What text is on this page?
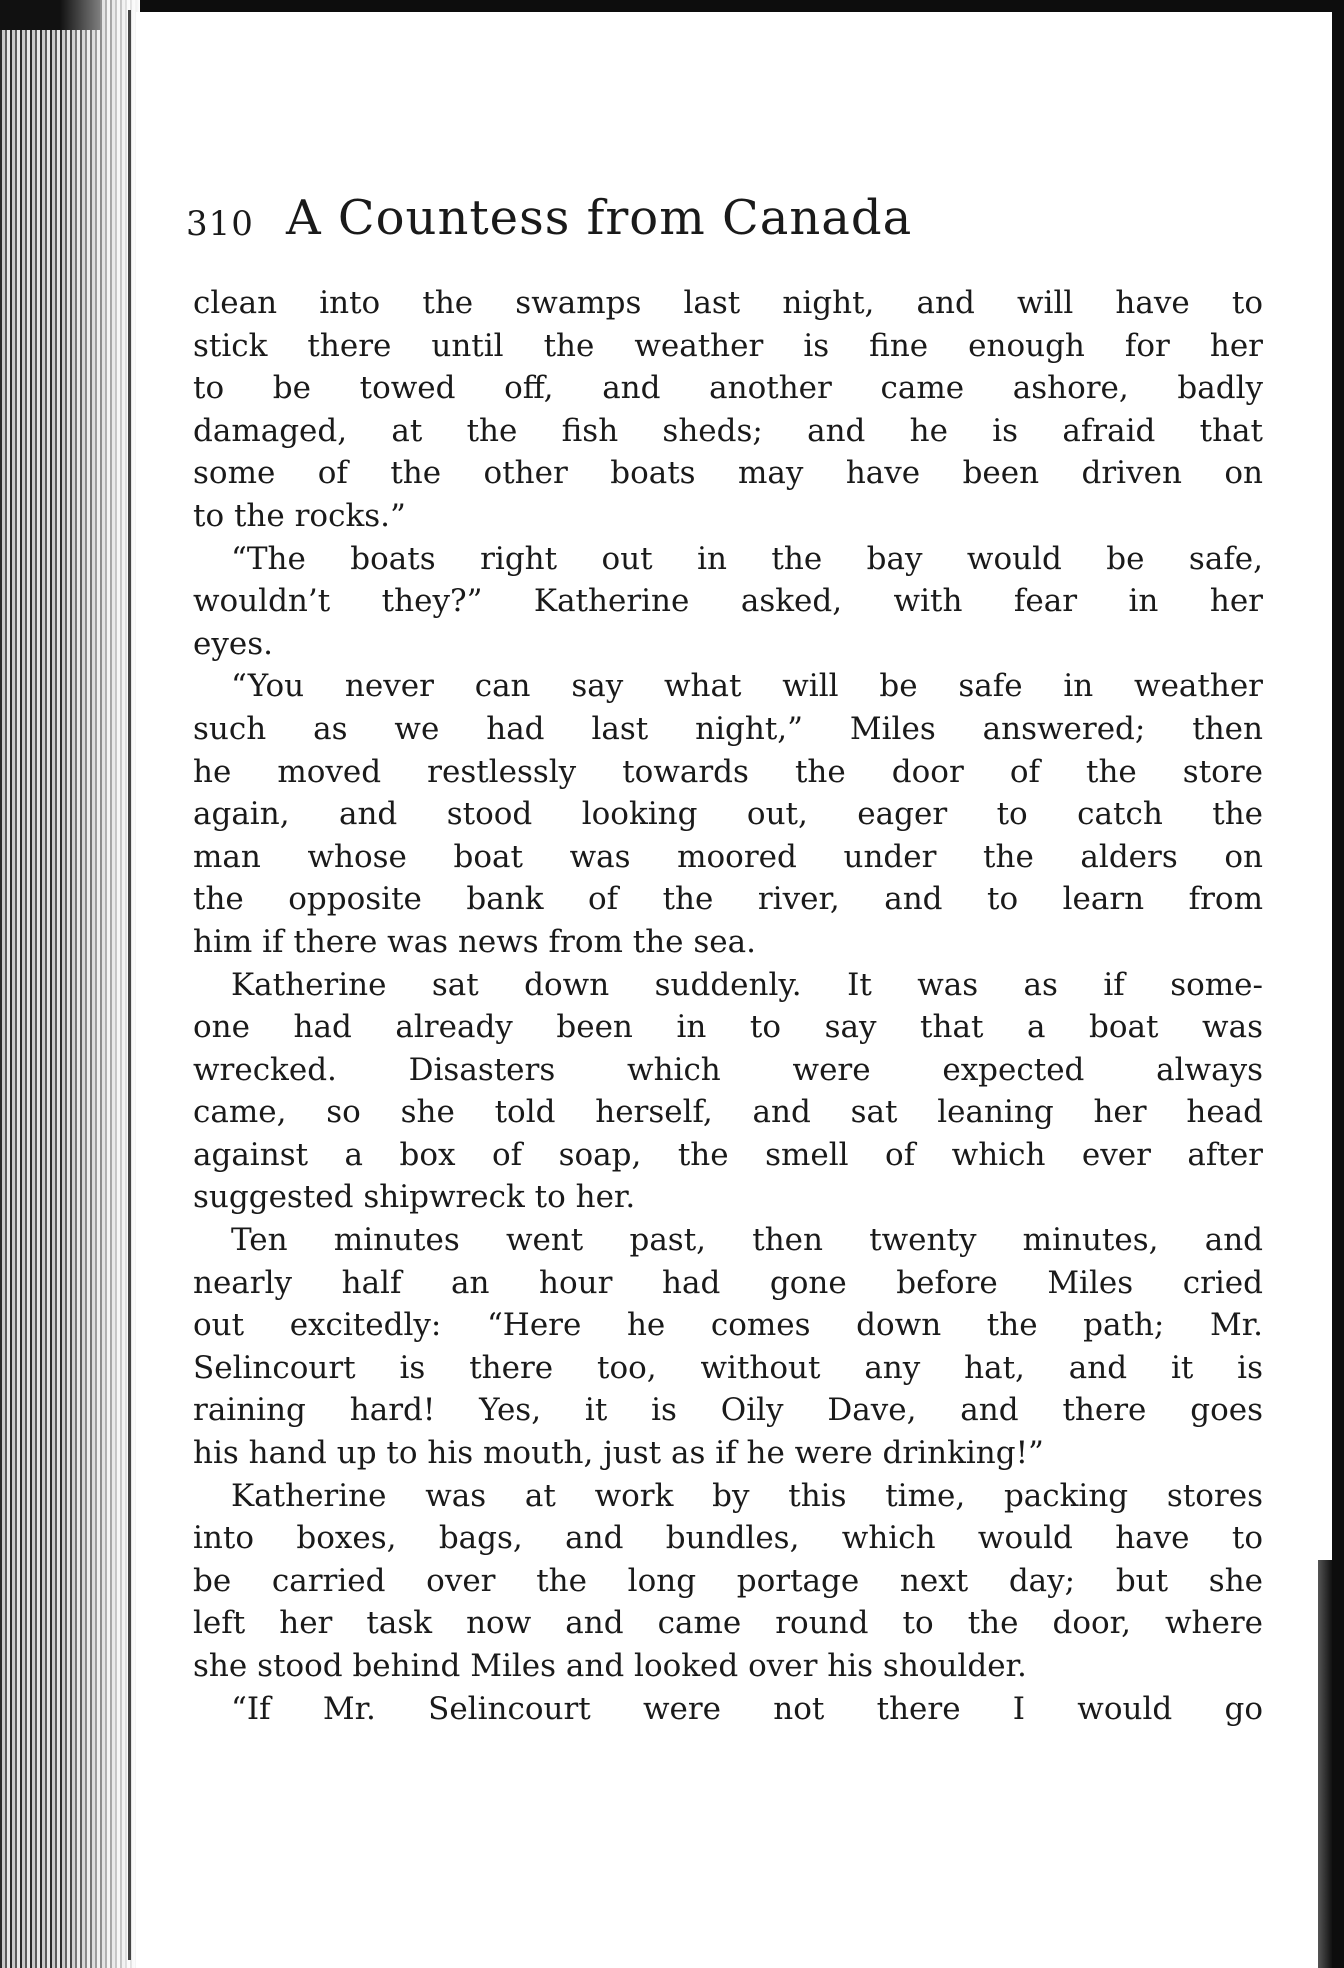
310 A Countess from Canada
clean into the swamps last night, and will have to
stick there until the weather is fine enough for her
to be towed off, and another came ashore, badly
damaged, at the fish sheds; and he is afraid that
some of the other boats may have been driven on
to the rocks.”
“The boats right out in the bay would be safe,
wouldn’t they?” Katherine asked, with fear in her
eyes.
“You never can say what will be safe in weather
such as we had last night,” Miles answered; then
he moved restlessly towards the door of the store
again, and stood looking out, eager to catch the
man whose boat was moored under the alders on
the opposite bank of the river, and to learn from
him if there was news from the sea.
Katherine sat down suddenly. It was as if some-
one had already been in to say that a boat was
wrecked. Disasters which were expected always
came, so she told herself, and sat leaning her head
against a box of soap, the smell of which ever after
suggested shipwreck to her.
Ten minutes went past, then twenty minutes, and
nearly half an hour had gone before Miles cried
out excitedly: “Here he comes down the path; Mr.
Selincourt is there too, without any hat, and it is
raining hard! Yes, it is Oily Dave, and there goes
his hand up to his mouth, just as if he were drinking!”
Katherine was at work by this time, packing stores
into boxes, bags, and bundles, which would have to
be carried over the long portage next day; but she
left her task now and came round to the door, where
she stood behind Miles and looked over his shoulder.
“If Mr. Selincourt were not there I would go
